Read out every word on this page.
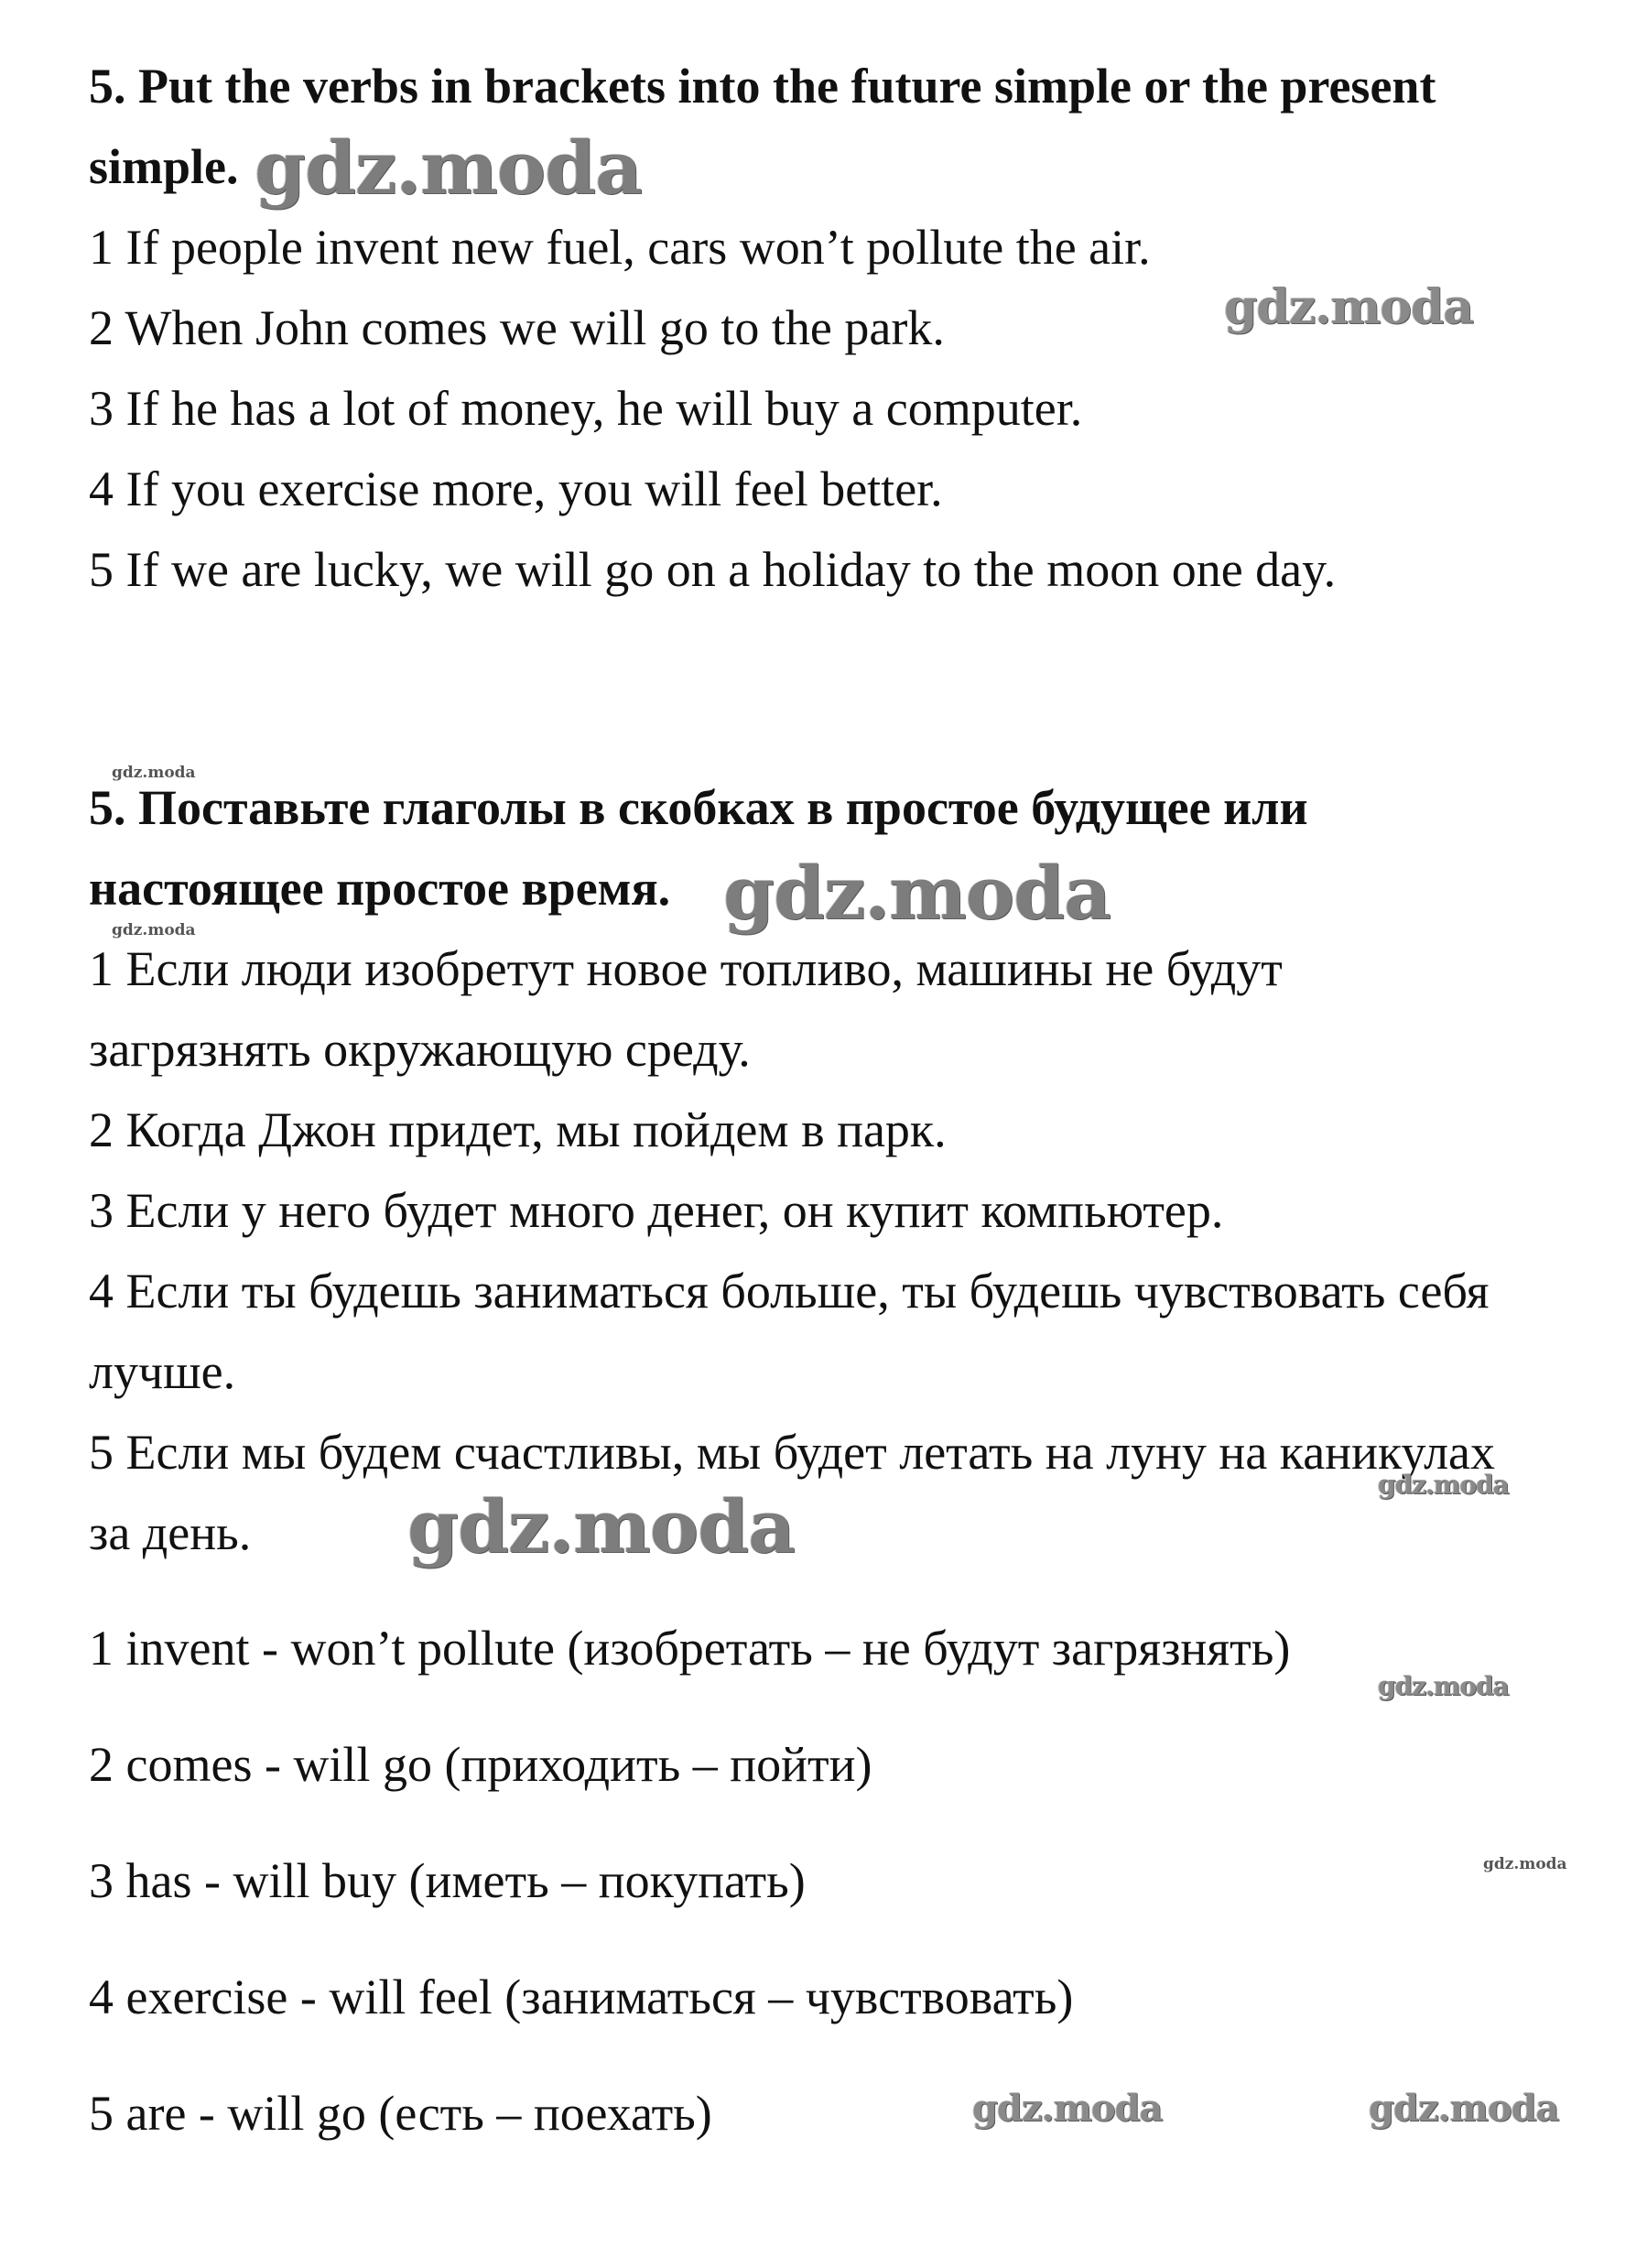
5. Put the verbs in brackets into the future simple or the present

simple.

1 If people invent new fuel, cars won’t pollute the air.

2 When John comes we will go to the park.

3 If he has a lot of money, he will buy a computer.

4 If you exercise more, you will feel better.

5 If we are lucky, we will go on a holiday to the moon one day.

5. Поставьте глаголы в скобках в простое будущее или

настоящее простое время.

1 Если люди изобретут новое топливо, машины не будут

загрязнять окружающую среду.

2 Когда Джон придет, мы пойдем в парк.

3 Если у него будет много денег, он купит компьютер.

4 Если ты будешь заниматься больше, ты будешь чувствовать себя

лучше.

5 Если мы будем счастливы, мы будет летать на луну на каникулах

за день.

1 invent - won’t pollute (изобретать – не будут загрязнять)

2 comes - will go (приходить – пойти)

3 has - will buy (иметь – покупать)

4 exercise - will feel (заниматься – чувствовать)

5 are - will go (есть – поехать)

gdz.moda

gdz.moda

gdz.moda

gdz.moda

gdz.moda

gdz.moda

gdz.moda

gdz.moda

gdz.moda

gdz.moda	gdz.moda
